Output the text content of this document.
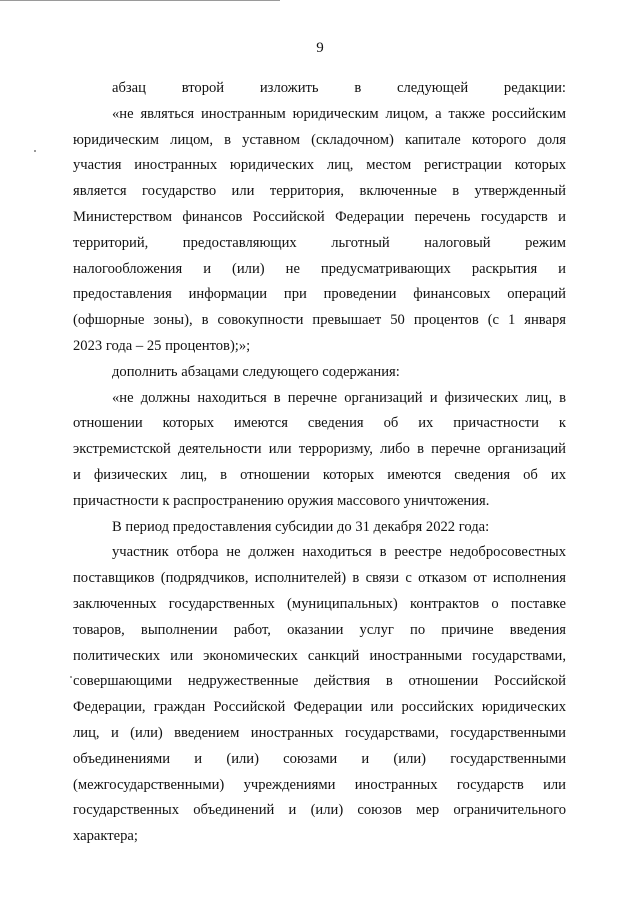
9

абзац второй изложить в следующей редакции:

«не являться иностранным юридическим лицом, а также российским

юридическим лицом, в уставном (складочном) капитале которого доля

участия иностранных юридических лиц, местом регистрации которых

является государство или территория, включенные в утвержденный

Министерством финансов Российской Федерации перечень государств и

территорий, предоставляющих льготный налоговый режим

налогообложения и (или) не предусматривающих раскрытия и

предоставления информации при проведении финансовых операций

(офшорные зоны), в совокупности превышает 50 процентов (с 1 января

2023 года – 25 процентов);»;

дополнить абзацами следующего содержания:

«не должны находиться в перечне организаций и физических лиц, в

отношении которых имеются сведения об их причастности к

экстремистской деятельности или терроризму, либо в перечне организаций

и физических лиц, в отношении которых имеются сведения об их

причастности к распространению оружия массового уничтожения.

В период предоставления субсидии до 31 декабря 2022 года:

участник отбора не должен находиться в реестре недобросовестных

поставщиков (подрядчиков, исполнителей) в связи с отказом от исполнения

заключенных государственных (муниципальных) контрактов о поставке

товаров, выполнении работ, оказании услуг по причине введения

политических или экономических санкций иностранными государствами,

совершающими недружественные действия в отношении Российской

Федерации, граждан Российской Федерации или российских юридических

лиц, и (или) введением иностранных государствами, государственными

объединениями и (или) союзами и (или) государственными

(межгосударственными) учреждениями иностранных государств или

государственных объединений и (или) союзов мер ограничительного

характера;
